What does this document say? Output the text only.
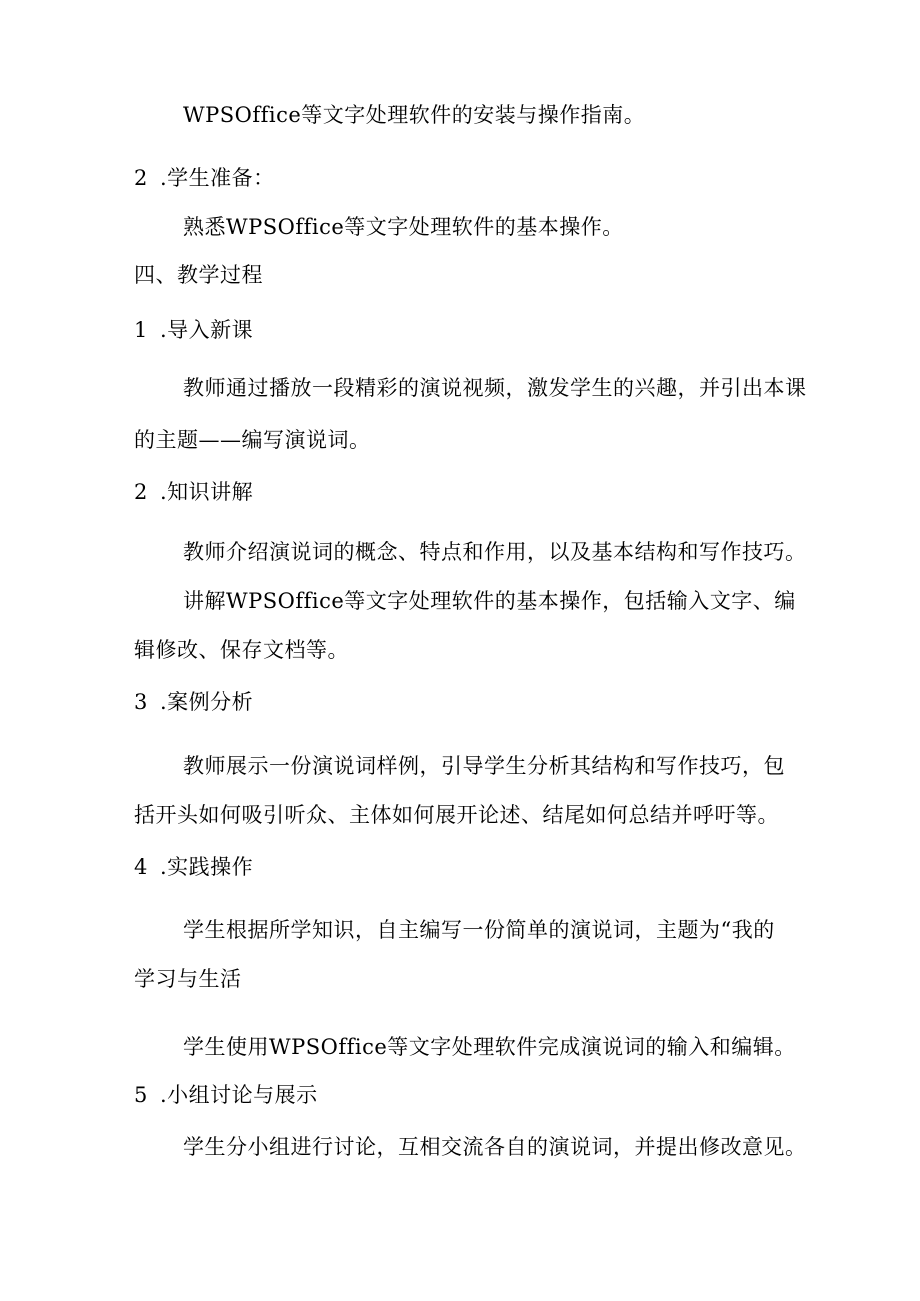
WPSOffice等文字处理软件的安装与操作指南。
2 .学生准备：
熟悉WPSOffice等文字处理软件的基本操作。
四、教学过程
1 .导入新课
教师通过播放一段精彩的演说视频，激发学生的兴趣，并引出本课
的主题——编写演说词。
2 .知识讲解
教师介绍演说词的概念、特点和作用，以及基本结构和写作技巧。
讲解WPSOffice等文字处理软件的基本操作，包括输入文字、编
辑修改、保存文档等。
3 .案例分析
教师展示一份演说词样例，引导学生分析其结构和写作技巧，包
括开头如何吸引听众、主体如何展开论述、结尾如何总结并呼吁等。
4 .实践操作
学生根据所学知识，自主编写一份简单的演说词，主题为“我的
学习与生活
学生使用WPSOffice等文字处理软件完成演说词的输入和编辑。
5 .小组讨论与展示
学生分小组进行讨论，互相交流各自的演说词，并提出修改意见。
